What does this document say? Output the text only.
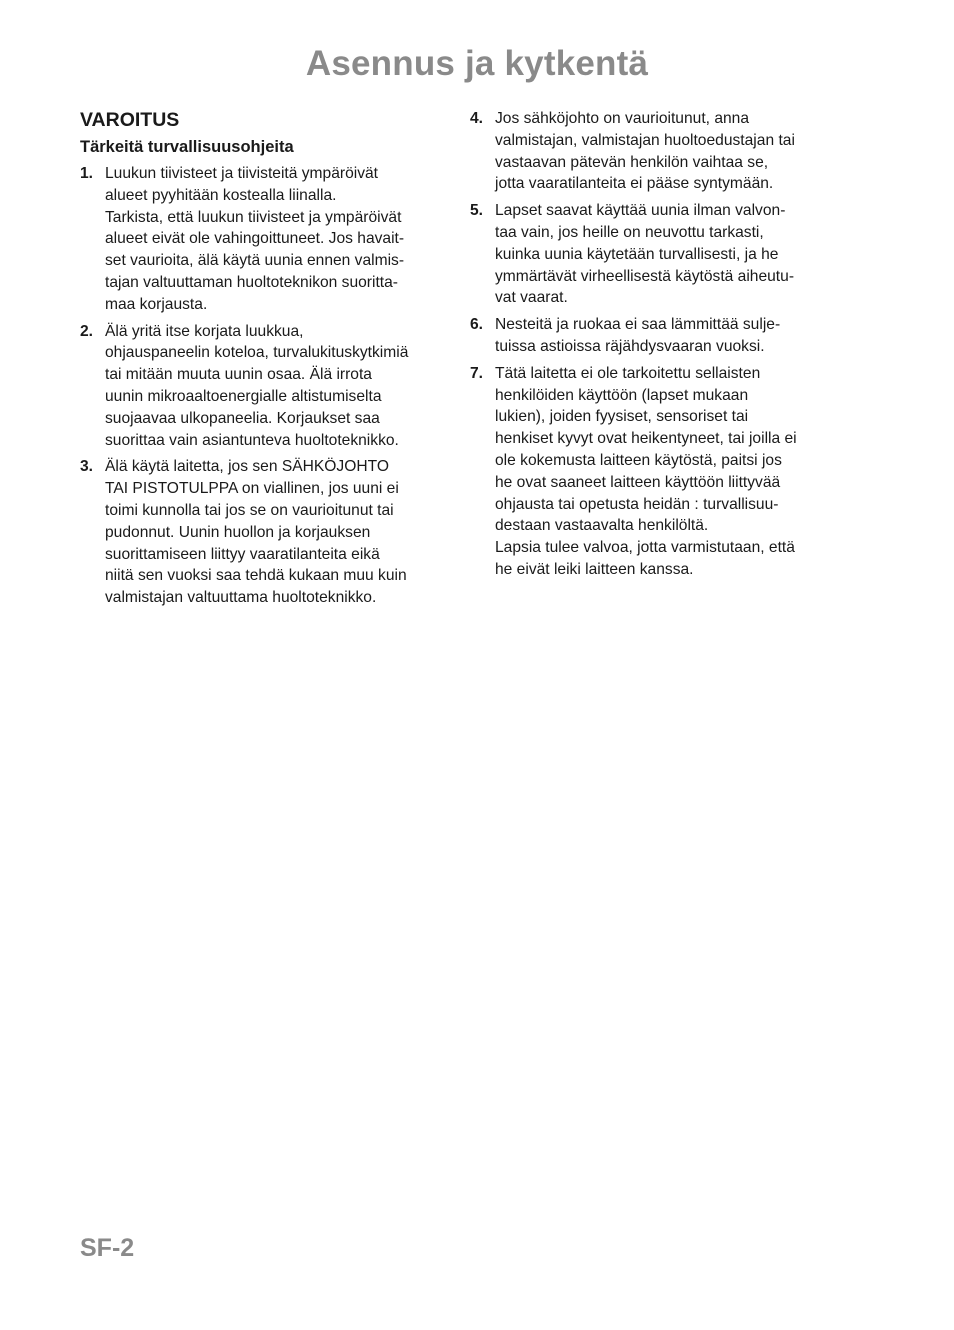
Asennus ja kytkentä
VAROITUS
Tärkeitä turvallisuusohjeita
1. Luukun tiivisteet ja tiivisteitä ympäröivät
alueet pyyhitään kostealla liinalla.
Tarkista, että luukun tiivisteet ja ympäröivät
alueet eivät ole vahingoittuneet. Jos havait-
set vaurioita, älä käytä uunia ennen valmis-
tajan valtuuttaman huoltoteknikon suoritta-
maa korjausta.

2. Älä yritä itse korjata luukkua,
ohjauspaneelin koteloa, turvalukituskytkimiä
tai mitään muuta uunin osaa. Älä irrota
uunin mikroaaltoenergialle altistumiselta
suojaavaa ulkopaneelia. Korjaukset saa
suorittaa vain asiantunteva huoltoteknikko.

3. Älä käytä laitetta, jos sen SÄHKÖJOHTO
TAI PISTOTULPPA on viallinen, jos uuni ei
toimi kunnolla tai jos se on vaurioitunut tai
pudonnut. Uunin huollon ja korjauksen
suorittamiseen liittyy vaaratilanteita eikä
niitä sen vuoksi saa tehdä kukaan muu kuin
valmistajan valtuuttama huoltoteknikko.

4. Jos sähköjohto on vaurioitunut, anna
valmistajan, valmistajan huoltoedustajan tai
vastaavan pätevän henkilön vaihtaa se,
jotta vaaratilanteita ei pääse syntymään.

5. Lapset saavat käyttää uunia ilman valvon-
taa vain, jos heille on neuvottu tarkasti,
kuinka uunia käytetään turvallisesti, ja he
ymmärtävät virheellisestä käytöstä aiheutu-
vat vaarat.

6. Nesteitä ja ruokaa ei saa lämmittää sulje-
tuissa astioissa räjähdysvaaran vuoksi.

7. Tätä laitetta ei ole tarkoitettu sellaisten
henkilöiden käyttöön (lapset mukaan
lukien), joiden fyysiset, sensoriset tai
henkiset kyvyt ovat heikentyneet, tai joilla ei
ole kokemusta laitteen käytöstä, paitsi jos
he ovat saaneet laitteen käyttöön liittyvää
ohjausta tai opetusta heidän : turvallisuu-
destaan vastaavalta henkilöltä.
Lapsia tulee valvoa, jotta varmistutaan, että
he eivät leiki laitteen kanssa.

SF-2
